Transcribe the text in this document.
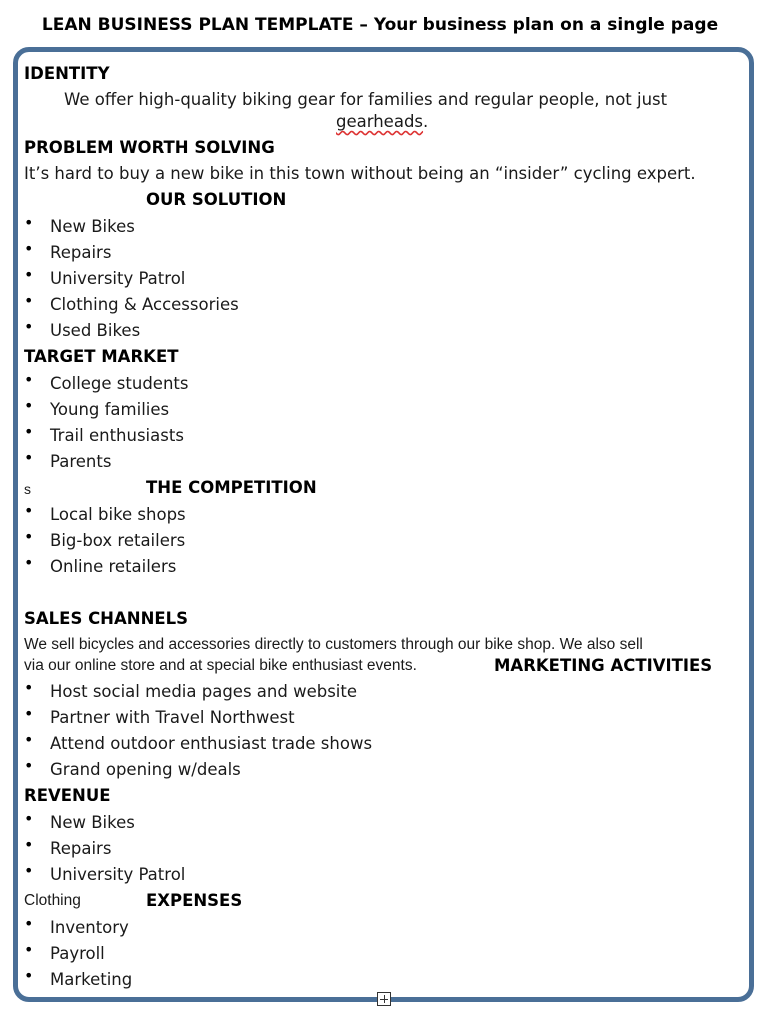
LEAN BUSINESS PLAN TEMPLATE – Your business plan on a single page
IDENTITY
We offer high-quality biking gear for families and regular people, not just
gearheads.
PROBLEM WORTH SOLVING
It’s hard to buy a new bike in this town without being an “insider” cycling expert.
OUR SOLUTION
• New Bikes
• Repairs
• University Patrol
• Clothing & Accessories
• Used Bikes
TARGET MARKET
• College students
• Young families
• Trail enthusiasts
• Parents
s	THE COMPETITION
• Local bike shops
• Big-box retailers
• Online retailers
SALES CHANNELS
We sell bicycles and accessories directly to customers through our bike shop. We also sell
via our online store and at special bike enthusiast events.	MARKETING ACTIVITIES
• Host social media pages and website
• Partner with Travel Northwest
• Attend outdoor enthusiast trade shows
• Grand opening w/deals
REVENUE
• New Bikes
• Repairs
• University Patrol
Clothing	EXPENSES
• Inventory
• Payroll
• Marketing
